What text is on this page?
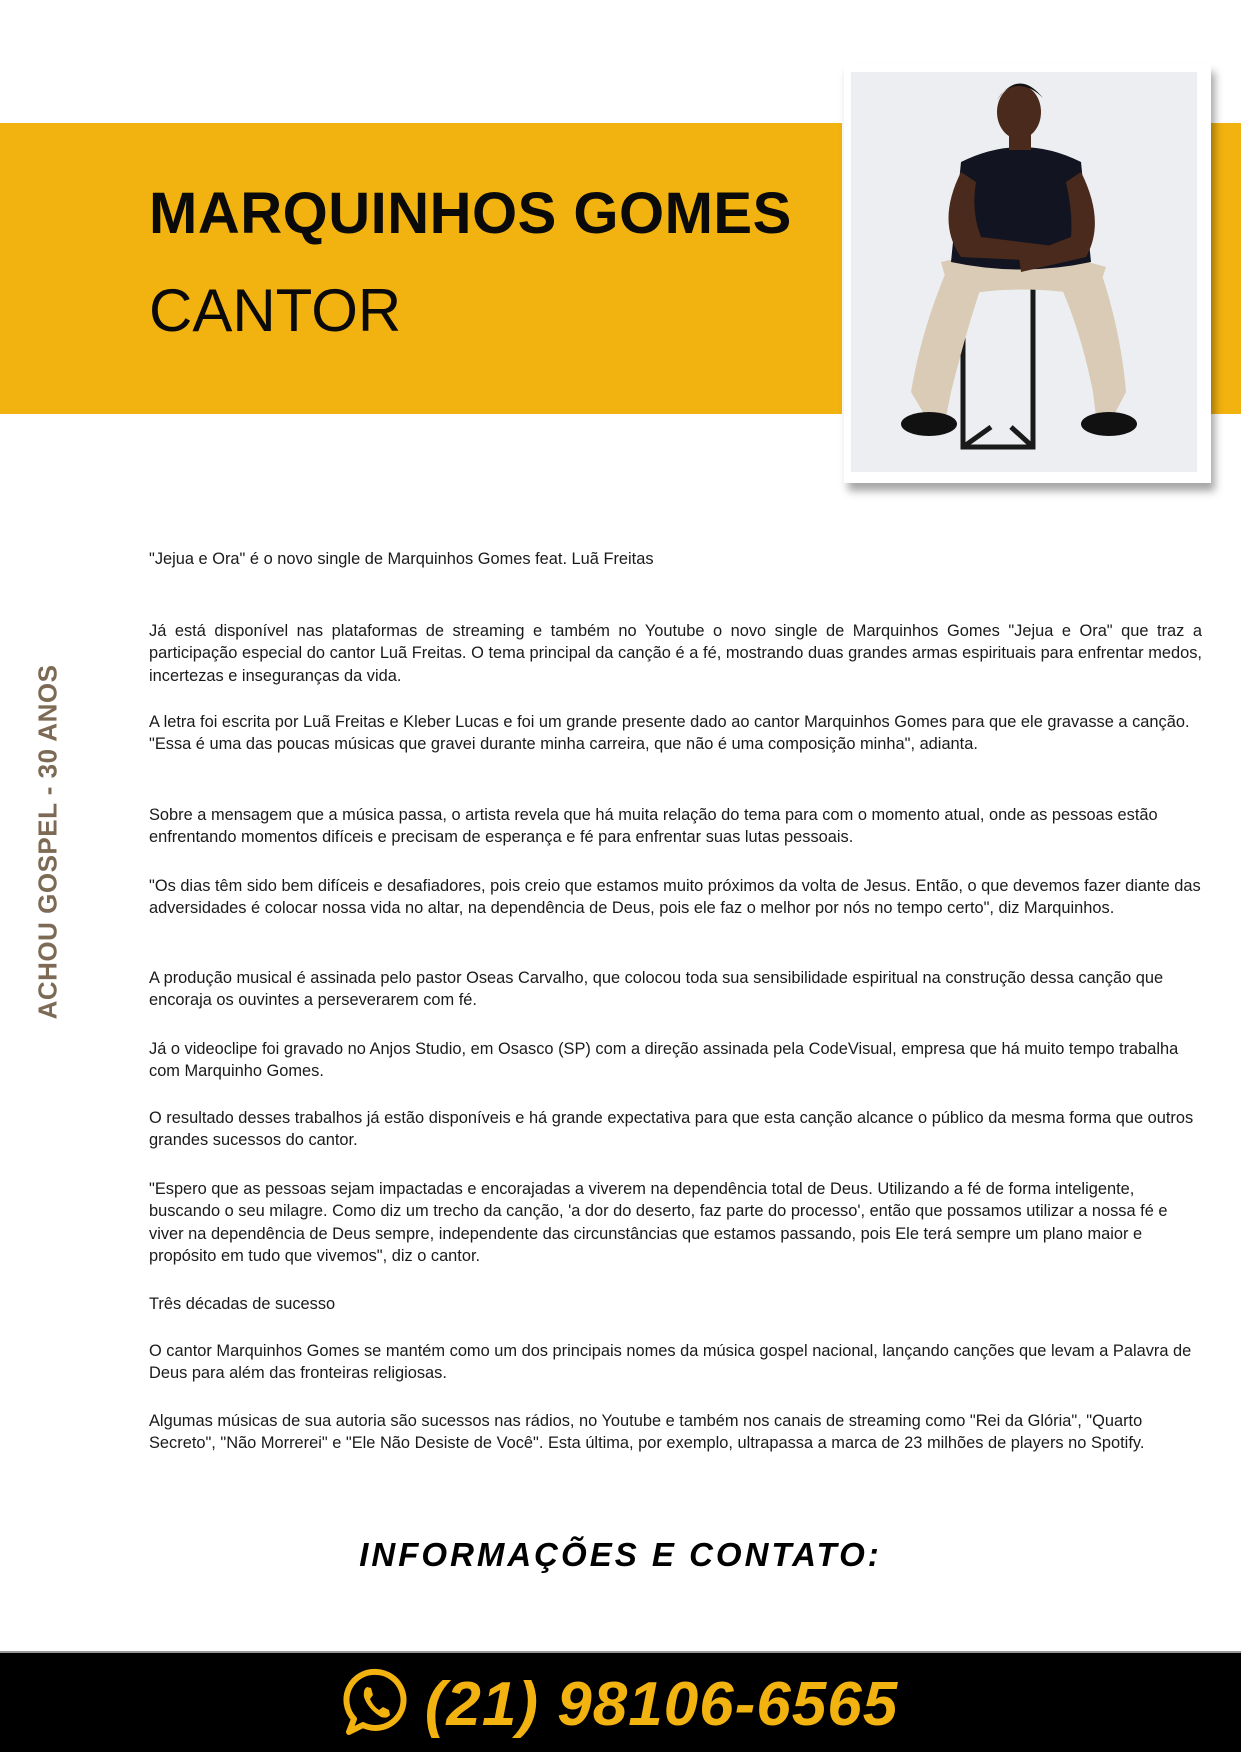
MARQUINHOS GOMES
CANTOR
ACHOU GOSPEL - 30 ANOS

"Jejua e Ora" é o novo single de Marquinhos Gomes feat. Luã Freitas

Já está disponível nas plataformas de streaming e também no Youtube o novo single de Marquinhos Gomes "Jejua e Ora" que traz a participação especial do cantor Luã Freitas. O tema principal da canção é a fé, mostrando duas grandes armas espirituais para enfrentar medos, incertezas e inseguranças da vida.

A letra foi escrita por Luã Freitas e Kleber Lucas e foi um grande presente dado ao cantor Marquinhos Gomes para que ele gravasse a canção. "Essa é uma das poucas músicas que gravei durante minha carreira, que não é uma composição minha", adianta.

Sobre a mensagem que a música passa, o artista revela que há muita relação do tema para com o momento atual, onde as pessoas estão enfrentando momentos difíceis e precisam de esperança e fé para enfrentar suas lutas pessoais.

"Os dias têm sido bem difíceis e desafiadores, pois creio que estamos muito próximos da volta de Jesus. Então, o que devemos fazer diante das adversidades é colocar nossa vida no altar, na dependência de Deus, pois ele faz o melhor por nós no tempo certo", diz Marquinhos.

A produção musical é assinada pelo pastor Oseas Carvalho, que colocou toda sua sensibilidade espiritual na construção dessa canção que encoraja os ouvintes a perseverarem com fé.

Já o videoclipe foi gravado no Anjos Studio, em Osasco (SP) com a direção assinada pela CodeVisual, empresa que há muito tempo trabalha com Marquinho Gomes.

O resultado desses trabalhos já estão disponíveis e há grande expectativa para que esta canção alcance o público da mesma forma que outros grandes sucessos do cantor.

"Espero que as pessoas sejam impactadas e encorajadas a viverem na dependência total de Deus. Utilizando a fé de forma inteligente, buscando o seu milagre. Como diz um trecho da canção, 'a dor do deserto, faz parte do processo', então que possamos utilizar a nossa fé e viver na dependência de Deus sempre, independente das circunstâncias que estamos passando, pois Ele terá sempre um plano maior e propósito em tudo que vivemos", diz o cantor.

Três décadas de sucesso

O cantor Marquinhos Gomes se mantém como um dos principais nomes da música gospel nacional, lançando canções que levam a Palavra de Deus para além das fronteiras religiosas.

Algumas músicas de sua autoria são sucessos nas rádios, no Youtube e também nos canais de streaming como "Rei da Glória", "Quarto Secreto", "Não Morrerei" e "Ele Não Desiste de Você". Esta última, por exemplo, ultrapassa a marca de 23 milhões de players no Spotify.

INFORMAÇÕES E CONTATO:
(21) 98106-6565
